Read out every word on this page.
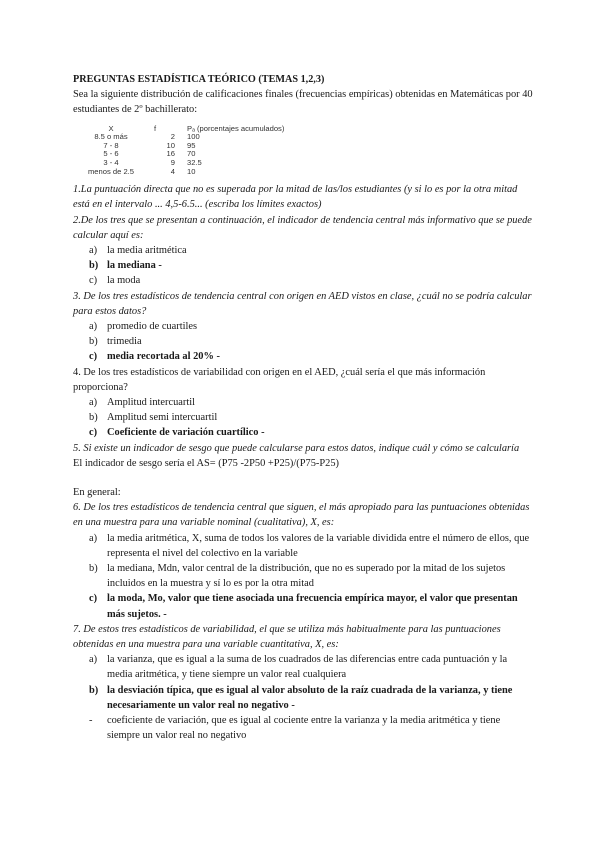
PREGUNTAS ESTADÍSTICA TEÓRICO (TEMAS 1,2,3)

Sea la siguiente distribución de calificaciones finales (frecuencias empíricas) obtenidas en Matemáticas por 40 estudiantes de 2º bachillerato:

X	f	Pₐ (porcentajes acumulados)
8.5 o más	2	100
7 - 8	10	95
5 - 6	16	70
3 - 4	9	32.5
menos de 2.5	4	10

1.La puntuación directa que no es superada por la mitad de las/los estudiantes (y si lo es por la otra mitad está en el intervalo ... 4,5-6.5... (escriba los límites exactos)

2.De los tres que se presentan a continuación, el indicador de tendencia central más informativo que se puede calcular aquí es:

a) la media aritmética
b) la mediana -
c) la moda

3. De los tres estadísticos de tendencia central con origen en AED vistos en clase, ¿cuál no se podría calcular para estos datos?

a) promedio de cuartiles
b) trimedia
c) media recortada al 20% -

4. De los tres estadísticos de variabilidad con origen en el AED, ¿cuál sería el que más información proporciona?

a) Amplitud intercuartil
b) Amplitud semi intercuartil
c) Coeficiente de variación cuartílico -

5. Si existe un indicador de sesgo que puede calcularse para estos datos, indique cuál y cómo se calcularía

El indicador de sesgo sería el AS= (P75 -2P50 +P25)/(P75-P25)

En general:

6. De los tres estadísticos de tendencia central que siguen, el más apropiado para las puntuaciones obtenidas en una muestra para una variable nominal (cualitativa), X, es:

a) la media aritmética, X, suma de todos los valores de la variable dividida entre el número de ellos, que representa el nivel del colectivo en la variable
b) la mediana, Mdn, valor central de la distribución, que no es superado por la mitad de los sujetos incluidos en la muestra y sí lo es por la otra mitad
c) la moda, Mo, valor que tiene asociada una frecuencia empírica mayor, el valor que presentan más sujetos. -

7. De estos tres estadísticos de variabilidad, el que se utiliza más habitualmente para las puntuaciones obtenidas en una muestra para una variable cuantitativa, X, es:

a) la varianza, que es igual a la suma de los cuadrados de las diferencias entre cada puntuación y la media aritmética, y tiene siempre un valor real cualquiera
b) la desviación típica, que es igual al valor absoluto de la raíz cuadrada de la varianza, y tiene necesariamente un valor real no negativo -
- coeficiente de variación, que es igual al cociente entre la varianza y la media aritmética y tiene siempre un valor real no negativo
